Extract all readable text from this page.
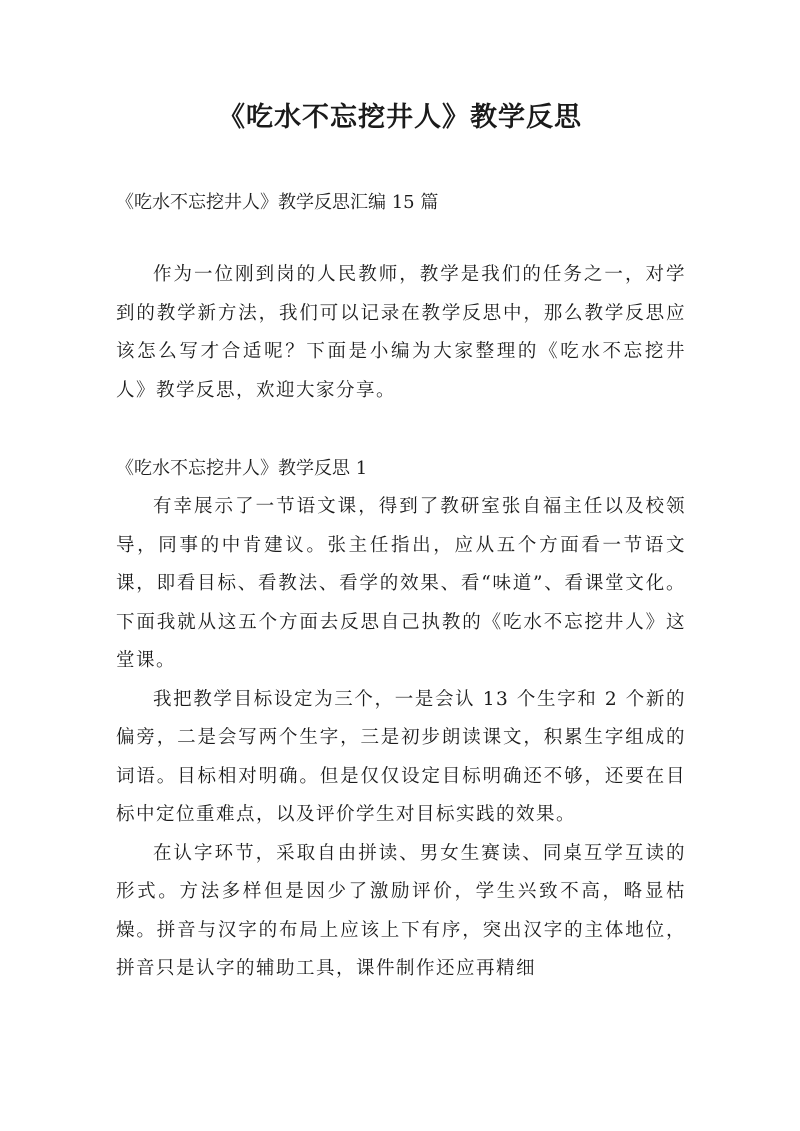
《吃水不忘挖井人》教学反思
《吃水不忘挖井人》教学反思汇编 15 篇

作为一位刚到岗的人民教师，教学是我们的任务之一，对学到的教学新方法，我们可以记录在教学反思中，那么教学反思应该怎么写才合适呢？下面是小编为大家整理的《吃水不忘挖井人》教学反思，欢迎大家分享。

《吃水不忘挖井人》教学反思 1

有幸展示了一节语文课，得到了教研室张自福主任以及校领导，同事的中肯建议。张主任指出，应从五个方面看一节语文课，即看目标、看教法、看学的效果、看“味道”、看课堂文化。下面我就从这五个方面去反思自己执教的《吃水不忘挖井人》这堂课。

我把教学目标设定为三个，一是会认 13 个生字和 2 个新的偏旁，二是会写两个生字，三是初步朗读课文，积累生字组成的词语。目标相对明确。但是仅仅设定目标明确还不够，还要在目标中定位重难点，以及评价学生对目标实践的效果。

在认字环节，采取自由拼读、男女生赛读、同桌互学互读的形式。方法多样但是因少了激励评价，学生兴致不高，略显枯燥。拼音与汉字的布局上应该上下有序，突出汉字的主体地位，拼音只是认字的辅助工具，课件制作还应再精细
